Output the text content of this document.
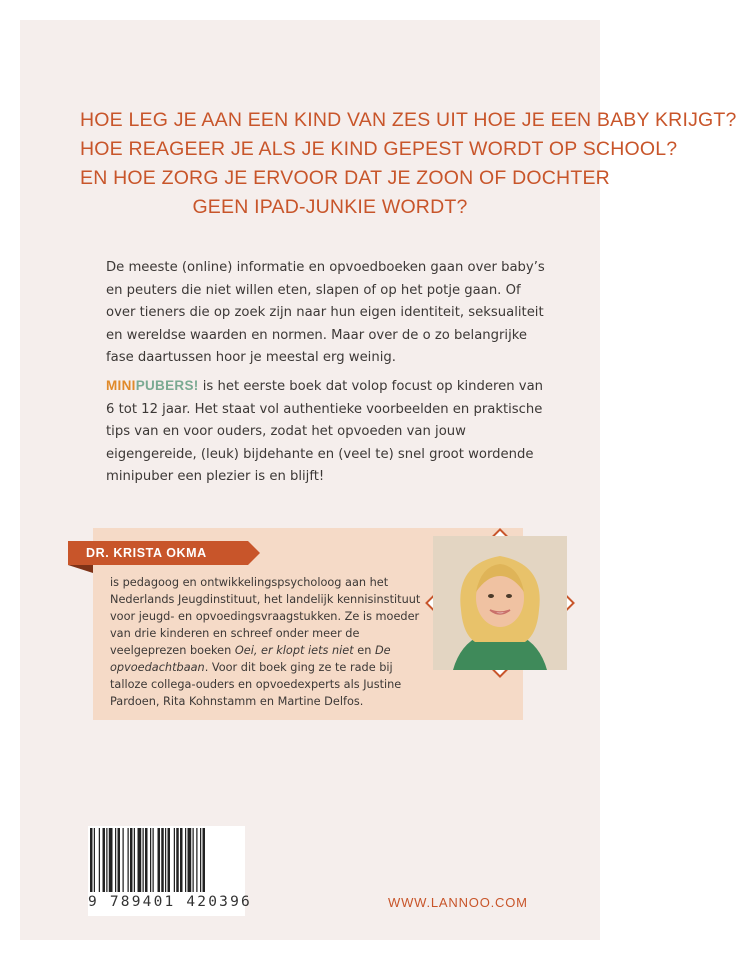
HOE LEG JE AAN EEN KIND VAN ZES UIT HOE JE EEN BABY KRIJGT?
HOE REAGEER JE ALS JE KIND GEPEST WORDT OP SCHOOL?
EN HOE ZORG JE ERVOOR DAT JE ZOON OF DOCHTER
GEEN IPAD-JUNKIE WORDT?
De meeste (online) informatie en opvoedboeken gaan over baby’s en peuters die niet willen eten, slapen of op het potje gaan. Of over tieners die op zoek zijn naar hun eigen identiteit, seksualiteit en wereldse waarden en normen. Maar over de o zo belangrijke fase daartussen hoor je meestal erg weinig.
MINIPUBERS! is het eerste boek dat volop focust op kinderen van 6 tot 12 jaar. Het staat vol authentieke voorbeelden en praktische tips van en voor ouders, zodat het opvoeden van jouw eigengereide, (leuk) bijdehante en (veel te) snel groot wordende minipuber een plezier is en blijft!
DR. KRISTA OKMA
is pedagoog en ontwikkelingspsycholoog aan het Nederlands Jeugdinstituut, het landelijk kennisinstituut voor jeugd- en opvoedingsvraagstukken. Ze is moeder van drie kinderen en schreef onder meer de veelgeprezen boeken Oei, er klopt iets niet en De opvoedachtbaan. Voor dit boek ging ze te rade bij talloze collega-ouders en opvoedexperts als Justine Pardoen, Rita Kohnstamm en Martine Delfos.
9 789401 420396	WWW.LANNOO.COM
